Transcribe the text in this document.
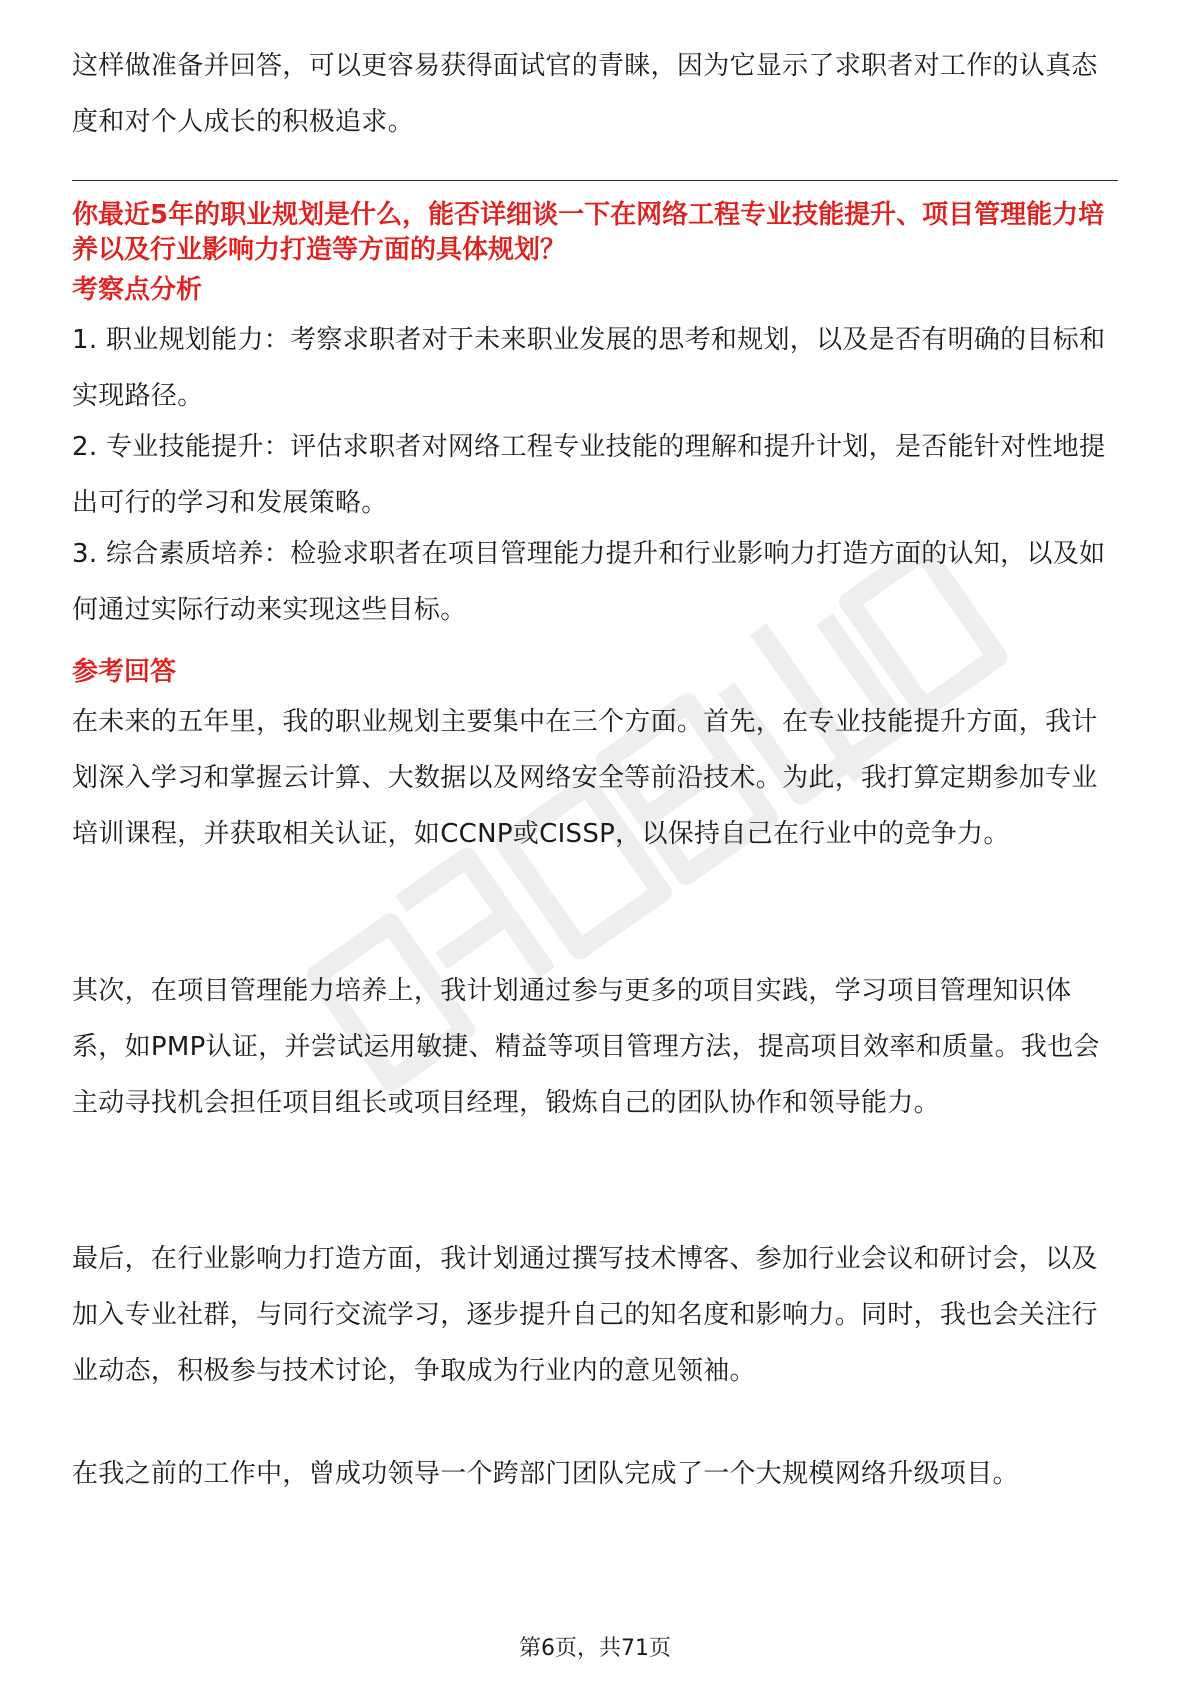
这样做准备并回答，可以更容易获得面试官的青睐，因为它显示了求职者对工作的认真态度和对个人成长的积极追求。

你最近5年的职业规划是什么，能否详细谈一下在网络工程专业技能提升、项目管理能力培养以及行业影响力打造等方面的具体规划？

考察点分析

1. 职业规划能力：考察求职者对于未来职业发展的思考和规划，以及是否有明确的目标和实现路径。

2. 专业技能提升：评估求职者对网络工程专业技能的理解和提升计划，是否能针对性地提出可行的学习和发展策略。

3. 综合素质培养：检验求职者在项目管理能力提升和行业影响力打造方面的认知，以及如何通过实际行动来实现这些目标。

参考回答

在未来的五年里，我的职业规划主要集中在三个方面。首先，在专业技能提升方面，我计划深入学习和掌握云计算、大数据以及网络安全等前沿技术。为此，我打算定期参加专业培训课程，并获取相关认证，如CCNP或CISSP，以保持自己在行业中的竞争力。

其次，在项目管理能力培养上，我计划通过参与更多的项目实践，学习项目管理知识体系，如PMP认证，并尝试运用敏捷、精益等项目管理方法，提高项目效率和质量。我也会主动寻找机会担任项目组长或项目经理，锻炼自己的团队协作和领导能力。

最后，在行业影响力打造方面，我计划通过撰写技术博客、参加行业会议和研讨会，以及加入专业社群，与同行交流学习，逐步提升自己的知名度和影响力。同时，我也会关注行业动态，积极参与技术讨论，争取成为行业内的意见领袖。

在我之前的工作中，曾成功领导一个跨部门团队完成了一个大规模网络升级项目。

第6页，共71页
